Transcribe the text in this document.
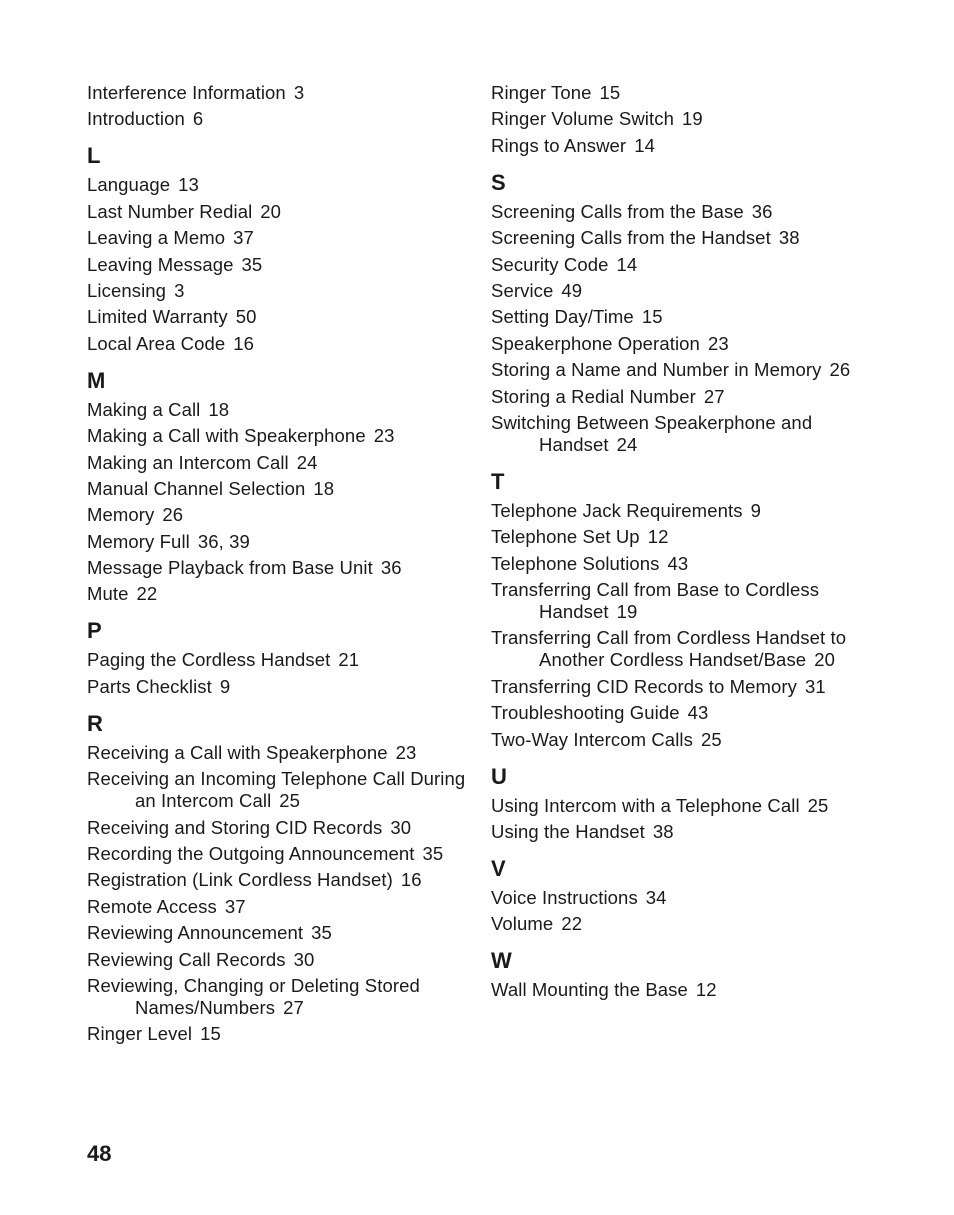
Interference Information 3
Introduction 6
L
Language 13
Last Number Redial 20
Leaving a Memo 37
Leaving Message 35
Licensing 3
Limited Warranty 50
Local Area Code 16
M
Making a Call 18
Making a Call with Speakerphone 23
Making an Intercom Call 24
Manual Channel Selection 18
Memory 26
Memory Full 36, 39
Message Playback from Base Unit 36
Mute 22
P
Paging the Cordless Handset 21
Parts Checklist 9
R
Receiving a Call with Speakerphone 23
Receiving an Incoming Telephone Call During an Intercom Call 25
Receiving and Storing CID Records 30
Recording the Outgoing Announcement 35
Registration (Link Cordless Handset) 16
Remote Access 37
Reviewing Announcement 35
Reviewing Call Records 30
Reviewing, Changing or Deleting Stored Names/Numbers 27
Ringer Level 15
Ringer Tone 15
Ringer Volume Switch 19
Rings to Answer 14
S
Screening Calls from the Base 36
Screening Calls from the Handset 38
Security Code 14
Service 49
Setting Day/Time 15
Speakerphone Operation 23
Storing a Name and Number in Memory 26
Storing a Redial Number 27
Switching Between Speakerphone and Handset 24
T
Telephone Jack Requirements 9
Telephone Set Up 12
Telephone Solutions 43
Transferring Call from Base to Cordless Handset 19
Transferring Call from Cordless Handset to Another Cordless Handset/Base 20
Transferring CID Records to Memory 31
Troubleshooting Guide 43
Two-Way Intercom Calls 25
U
Using Intercom with a Telephone Call 25
Using the Handset 38
V
Voice Instructions 34
Volume 22
W
Wall Mounting the Base 12
48
